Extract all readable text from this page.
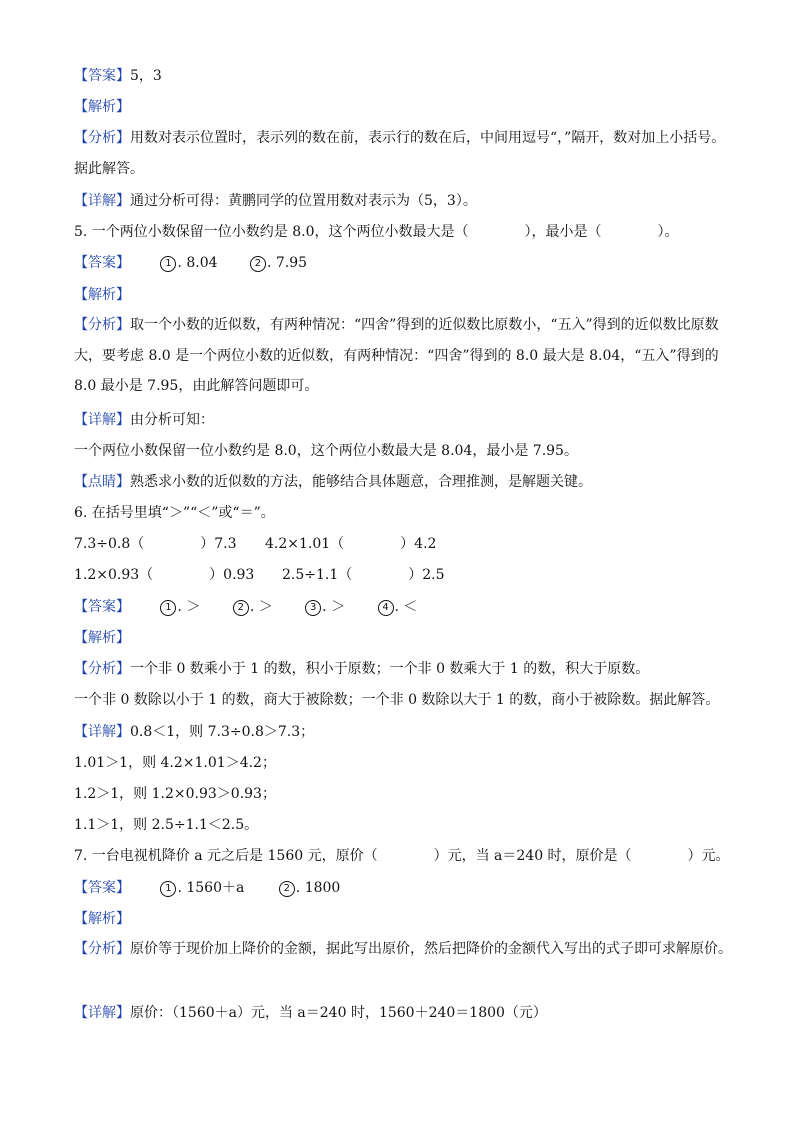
【答案】5，3
【解析】
【分析】用数对表示位置时，表示列的数在前，表示行的数在后，中间用逗号“，”隔开，数对加上小括号。据此解答。
【详解】通过分析可得：黄鹏同学的位置用数对表示为（5，3）。
5. 一个两位小数保留一位小数约是 8.0，这个两位小数最大是（　　　　），最小是（　　　　）。
【答案】	1 . 8.04	2 . 7.95
【解析】
【分析】取一个小数的近似数，有两种情况：“四舍”得到的近似数比原数小，“五入”得到的近似数比原数大，要考虑 8.0 是一个两位小数的近似数，有两种情况：“四舍”得到的 8.0 最大是 8.04，“五入”得到的 8.0 最小是 7.95，由此解答问题即可。
【详解】由分析可知：
一个两位小数保留一位小数约是 8.0，这个两位小数最大是 8.04，最小是 7.95。
【点睛】熟悉求小数的近似数的方法，能够结合具体题意，合理推测，是解题关键。
6. 在括号里填“＞”“＜”或“＝”。
7.3÷0.8（　　　　）7.3 4.2×1.01（　　　　）4.2
1.2×0.93（　　　　）0.93 2.5÷1.1（　　　　）2.5
【答案】	1 . ＞	2 . ＞	3 . ＞	4 . ＜
【解析】
【分析】一个非 0 数乘小于 1 的数，积小于原数；一个非 0 数乘大于 1 的数，积大于原数。
一个非 0 数除以小于 1 的数，商大于被除数；一个非 0 数除以大于 1 的数，商小于被除数。据此解答。
【详解】0.8＜1，则 7.3÷0.8＞7.3；
1.01＞1，则 4.2×1.01＞4.2；
1.2＞1，则 1.2×0.93＞0.93；
1.1＞1，则 2.5÷1.1＜2.5。
7. 一台电视机降价 a 元之后是 1560 元，原价（　　　　）元，当 a＝240 时，原价是（　　　　）元。
【答案】	1 . 1560＋a	2 . 1800
【解析】
【分析】原价等于现价加上降价的金额，据此写出原价，然后把降价的金额代入写出的式子即可求解原价。
【详解】原价：（1560＋a）元，当 a＝240 时，1560＋240＝1800（元）
